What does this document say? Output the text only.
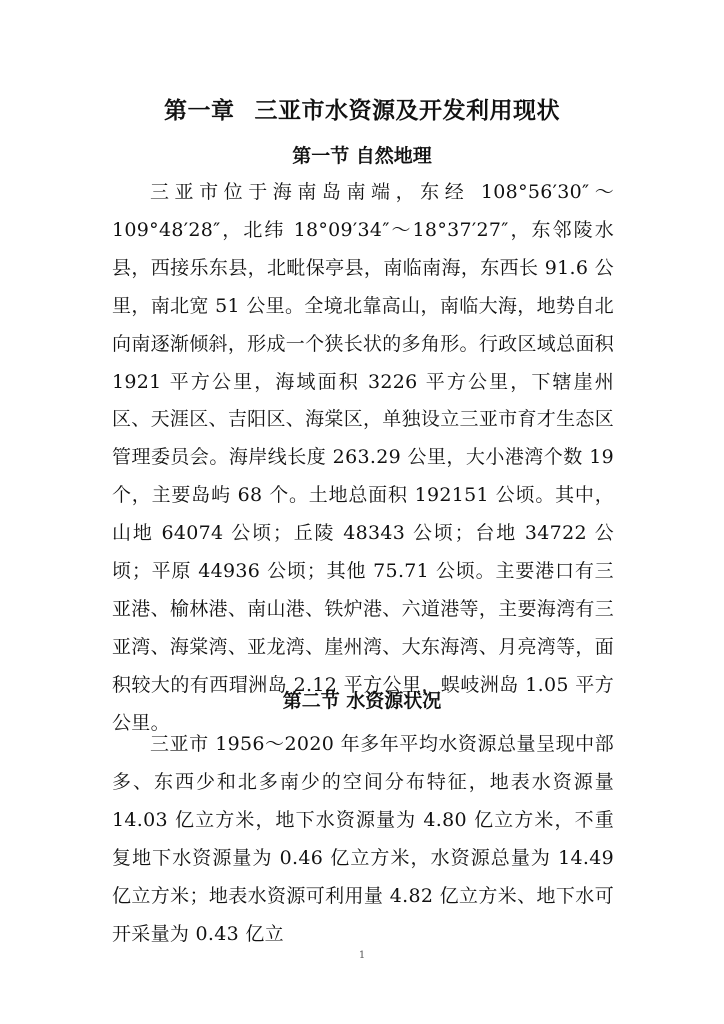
第一章 三亚市水资源及开发利用现状
第一节 自然地理

三亚市位于海南岛南端，东经 108°56′30″～109°48′28″，北纬 18°09′34″～18°37′27″，东邻陵水县，西接乐东县，北毗保亭县，南临南海，东西长 91.6 公里，南北宽 51 公里。全境北靠高山，南临大海，地势自北向南逐渐倾斜，形成一个狭长状的多角形。行政区域总面积 1921 平方公里，海域面积 3226 平方公里，下辖崖州区、天涯区、吉阳区、海棠区，单独设立三亚市育才生态区管理委员会。海岸线长度 263.29 公里，大小港湾个数 19 个，主要岛屿 68 个。土地总面积 192151 公顷。其中，山地 64074 公顷；丘陵 48343 公顷；台地 34722 公顷；平原 44936 公顷；其他 75.71 公顷。主要港口有三亚港、榆林港、南山港、铁炉港、六道港等，主要海湾有三亚湾、海棠湾、亚龙湾、崖州湾、大东海湾、月亮湾等，面积较大的有西瑁洲岛 2.12 平方公里，蜈岐洲岛 1.05 平方公里。

第二节 水资源状况

三亚市 1956～2020 年多年平均水资源总量呈现中部多、东西少和北多南少的空间分布特征，地表水资源量 14.03 亿立方米，地下水资源量为 4.80 亿立方米，不重复地下水资源量为 0.46 亿立方米，水资源总量为 14.49 亿立方米；地表水资源可利用量 4.82 亿立方米、地下水可开采量为 0.43 亿立

1
